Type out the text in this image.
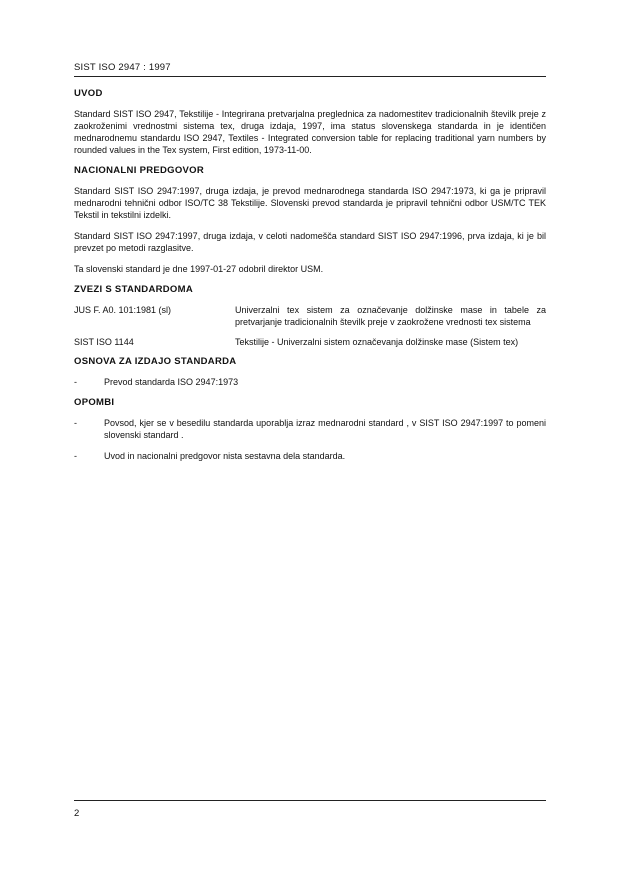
SIST ISO 2947 : 1997
UVOD

Standard SIST ISO 2947, Tekstilije - Integrirana pretvarjalna preglednica za nadomestitev tradicionalnih številk preje z zaokroženimi vrednostmi sistema tex, druga izdaja, 1997, ima status slovenskega standarda in je identičen mednarodnemu standardu ISO 2947, Textiles - Integrated conversion table for replacing traditional yarn numbers by rounded values in the Tex system, First edition, 1973-11-00.

NACIONALNI PREDGOVOR

Standard SIST ISO 2947:1997, druga izdaja, je prevod mednarodnega standarda ISO 2947:1973, ki ga je pripravil mednarodni tehnični odbor ISO/TC 38 Tekstilije. Slovenski prevod standarda je pripravil tehnični odbor USM/TC TEK Tekstil in tekstilni izdelki.

Standard SIST ISO 2947:1997, druga izdaja, v celoti nadomešča standard SIST ISO 2947:1996, prva izdaja, ki je bil prevzet po metodi razglasitve.

Ta slovenski standard je dne 1997-01-27 odobril direktor USM.

ZVEZI S STANDARDOMA
JUS F. A0. 101:1981 (sl)	Univerzalni tex sistem za označevanje dolžinske mase in tabele za pretvarjanje tradicionalnih številk preje v zaokrožene vrednosti tex sistema
SIST ISO 1144	Tekstilije - Univerzalni sistem označevanja dolžinske mase (Sistem tex)
OSNOVA ZA IZDAJO STANDARDA
-	Prevod standarda ISO 2947:1973
OPOMBI
-	Povsod, kjer se v besedilu standarda uporablja izraz mednarodni standard , v SIST ISO 2947:1997 to pomeni slovenski standard .
-	Uvod in nacionalni predgovor nista sestavna dela standarda.
2
